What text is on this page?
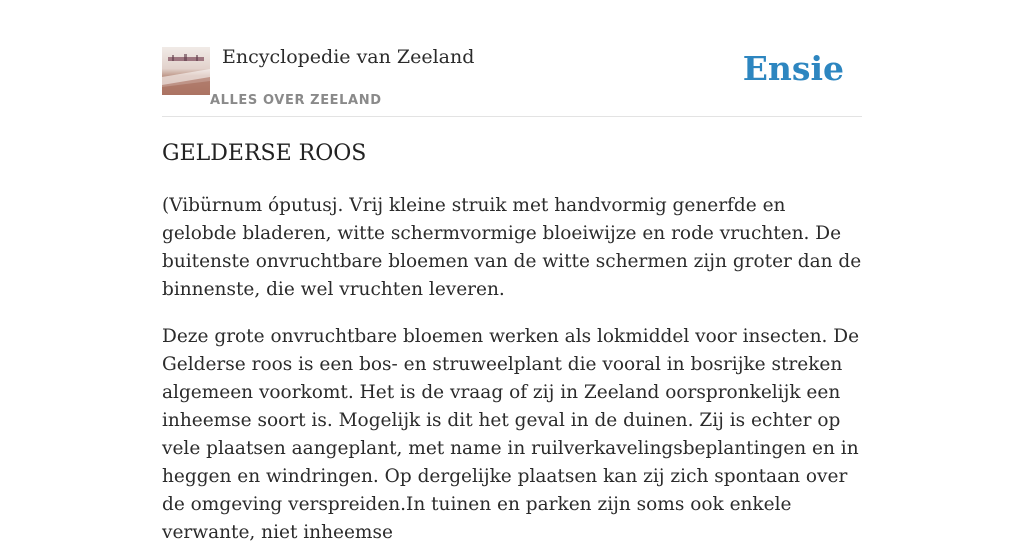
Encyclopedie van Zeeland
ALLES OVER ZEELAND
Ensie
GELDERSE ROOS

(Vibürnum óputusj. Vrij kleine struik met handvormig generfde en gelobde bladeren, witte schermvormige bloeiwijze en rode vruchten. De buitenste onvruchtbare bloemen van de witte schermen zijn groter dan de binnenste, die wel vruchten leveren.

Deze grote onvruchtbare bloemen werken als lokmiddel voor insecten. De Gelderse roos is een bos- en struweelplant die vooral in bosrijke streken algemeen voorkomt. Het is de vraag of zij in Zeeland oorspronkelijk een inheemse soort is. Mogelijk is dit het geval in de duinen. Zij is echter op vele plaatsen aangeplant, met name in ruilverkavelingsbeplantingen en in heggen en windringen. Op dergelijke plaatsen kan zij zich spontaan over de omgeving verspreiden.In tuinen en parken zijn soms ook enkele verwante, niet inheemse
